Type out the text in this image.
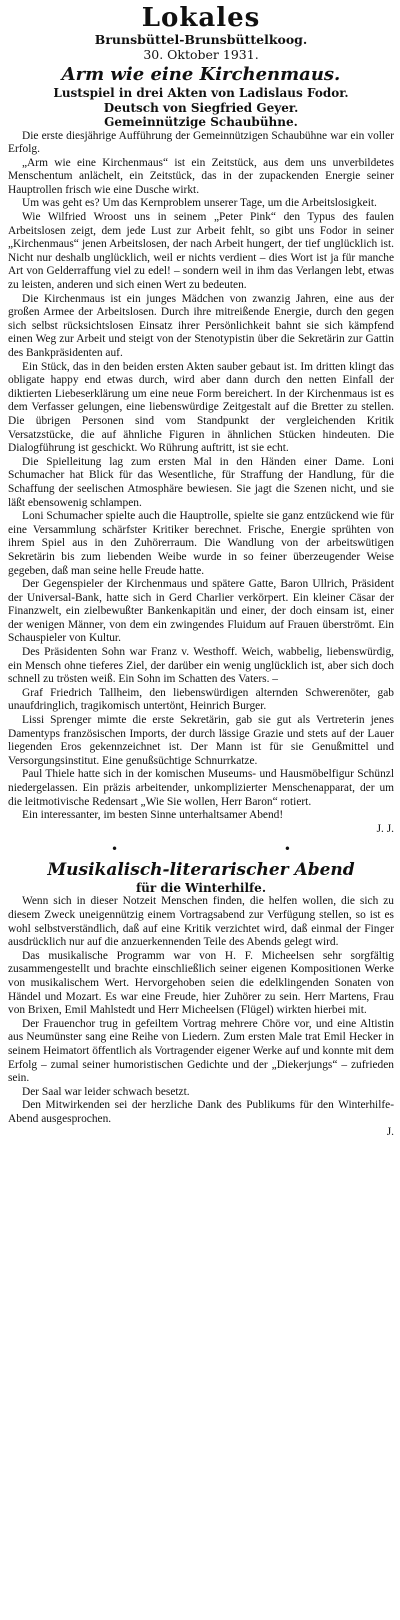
Lokales
Brunsbüttel-Brunsbüttelkoog.
30. Oktober 1931.
Arm wie eine Kirchenmaus.
Lustspiel in drei Akten von Ladislaus Fodor.
Deutsch von Siegfried Geyer.
Gemeinnützige Schaubühne.

Die erste diesjährige Aufführung der Gemeinnützigen Schaubühne war ein voller Erfolg.

„Arm wie eine Kirchenmaus“ ist ein Zeitstück, aus dem uns unverbildetes Menschentum anlächelt, ein Zeitstück, das in der zupackenden Energie seiner Hauptrollen frisch wie eine Dusche wirkt.

Um was geht es? Um das Kernproblem unserer Tage, um die Arbeitslosigkeit.

Wie Wilfried Wroost uns in seinem „Peter Pink“ den Typus des faulen Arbeitslosen zeigt, dem jede Lust zur Arbeit fehlt, so gibt uns Fodor in seiner „Kirchenmaus“ jenen Arbeitslosen, der nach Arbeit hungert, der tief unglücklich ist. Nicht nur deshalb unglücklich, weil er nichts verdient – dies Wort ist ja für manche Art von Gelderraffung viel zu edel! – sondern weil in ihm das Verlangen lebt, etwas zu leisten, anderen und sich einen Wert zu bedeuten.

Die Kirchenmaus ist ein junges Mädchen von zwanzig Jahren, eine aus der großen Armee der Arbeitslosen. Durch ihre mitreißende Energie, durch den gegen sich selbst rücksichtslosen Einsatz ihrer Persönlichkeit bahnt sie sich kämpfend einen Weg zur Arbeit und steigt von der Stenotypistin über die Sekretärin zur Gattin des Bankpräsidenten auf.

Ein Stück, das in den beiden ersten Akten sauber gebaut ist. Im dritten klingt das obligate happy end etwas durch, wird aber dann durch den netten Einfall der diktierten Liebeserklärung um eine neue Form bereichert. In der Kirchenmaus ist es dem Verfasser gelungen, eine liebenswürdige Zeitgestalt auf die Bretter zu stellen. Die übrigen Personen sind vom Standpunkt der vergleichenden Kritik Versatzstücke, die auf ähnliche Figuren in ähnlichen Stücken hindeuten. Die Dialogführung ist geschickt. Wo Rührung auftritt, ist sie echt.

Die Spielleitung lag zum ersten Mal in den Händen einer Dame. Loni Schumacher hat Blick für das Wesentliche, für Straffung der Handlung, für die Schaffung der seelischen Atmosphäre bewiesen. Sie jagt die Szenen nicht, und sie läßt ebensowenig schlampen.

Loni Schumacher spielte auch die Hauptrolle, spielte sie ganz entzückend wie für eine Versammlung schärfster Kritiker berechnet. Frische, Energie sprühten von ihrem Spiel aus in den Zuhörerraum. Die Wandlung von der arbeitswütigen Sekretärin bis zum liebenden Weibe wurde in so feiner überzeugender Weise gegeben, daß man seine helle Freude hatte.

Der Gegenspieler der Kirchenmaus und spätere Gatte, Baron Ullrich, Präsident der Universal-Bank, hatte sich in Gerd Charlier verkörpert. Ein kleiner Cäsar der Finanzwelt, ein zielbewußter Bankenkapitän und einer, der doch einsam ist, einer der wenigen Männer, von dem ein zwingendes Fluidum auf Frauen überströmt. Ein Schauspieler von Kultur.

Des Präsidenten Sohn war Franz v. Westhoff. Weich, wabbelig, liebenswürdig, ein Mensch ohne tieferes Ziel, der darüber ein wenig unglücklich ist, aber sich doch schnell zu trösten weiß. Ein Sohn im Schatten des Vaters. –

Graf Friedrich Tallheim, den liebenswürdigen alternden Schwerenöter, gab unaufdringlich, tragikomisch untertönt, Heinrich Burger.

Lissi Sprenger mimte die erste Sekretärin, gab sie gut als Vertreterin jenes Damentyps französischen Imports, der durch lässige Grazie und stets auf der Lauer liegenden Eros gekennzeichnet ist. Der Mann ist für sie Genußmittel und Versorgungsinstitut. Eine genußsüchtige Schnurrkatze.

Paul Thiele hatte sich in der komischen Museums- und Hausmöbelfigur Schünzl niedergelassen. Ein präzis arbeitender, unkomplizierter Menschenapparat, der um die leitmotivische Redensart „Wie Sie wollen, Herr Baron“ rotiert.

Ein interessanter, im besten Sinne unterhaltsamer Abend!

J. J.
•	•
Musikalisch-literarischer Abend
für die Winterhilfe.

Wenn sich in dieser Notzeit Menschen finden, die helfen wollen, die sich zu diesem Zweck uneigennützig einem Vortragsabend zur Verfügung stellen, so ist es wohl selbstverständlich, daß auf eine Kritik verzichtet wird, daß einmal der Finger ausdrücklich nur auf die anzuerkennenden Teile des Abends gelegt wird.

Das musikalische Programm war von H. F. Micheelsen sehr sorgfältig zusammengestellt und brachte einschließlich seiner eigenen Kompositionen Werke von musikalischem Wert. Hervorgehoben seien die edelklingenden Sonaten von Händel und Mozart. Es war eine Freude, hier Zuhörer zu sein. Herr Martens, Frau von Brixen, Emil Mahlstedt und Herr Micheelsen (Flügel) wirkten hierbei mit.

Der Frauenchor trug in gefeiltem Vortrag mehrere Chöre vor, und eine Altistin aus Neumünster sang eine Reihe von Liedern. Zum ersten Male trat Emil Hecker in seinem Heimatort öffentlich als Vortragender eigener Werke auf und konnte mit dem Erfolg – zumal seiner humoristischen Gedichte und der „Diekerjungs“ – zufrieden sein.

Der Saal war leider schwach besetzt.

Den Mitwirkenden sei der herzliche Dank des Publikums für den Winterhilfe-Abend ausgesprochen.

J.
